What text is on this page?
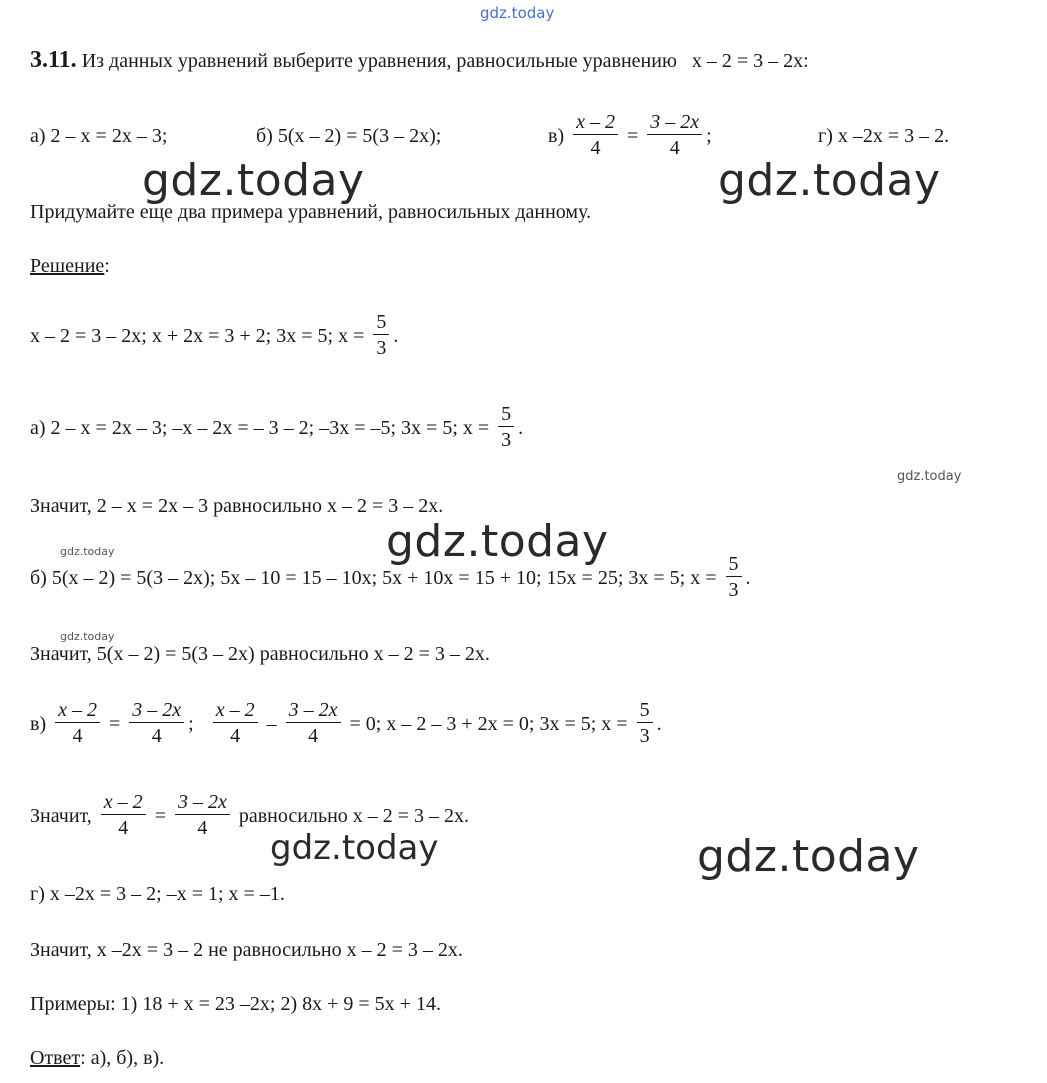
gdz.today
gdz.today	gdz.today
gdz.today
gdz.today
gdz.today
gdz.today
gdz.today	gdz.today
3.11. Из данных уравнений выберите уравнения, равносильные уравнению x – 2 = 3 – 2x:
а) 2 – x = 2x – 3;	б) 5(x – 2) = 5(3 – 2x);	$в) \frac{x - 2}{4} = \frac{3 - 2x}{4}$ ;	г) x –2x = 3 – 2.
Придумайте еще два примера уравнений, равносильных данному.
Решение:
x – 2 = 3 – 2x; x + 2x = 3 + 2; 3x = 5; $x = \frac{5}{3}$ .
а) 2 – x = 2x – 3; –x – 2x = – 3 – 2; –3x = –5; 3x = 5; $x = \frac{5}{3}$ .
Значит, 2 – x = 2x – 3 равносильно x – 2 = 3 – 2x.
б) 5(x – 2) = 5(3 – 2x); 5x – 10 = 15 – 10x; 5x + 10x = 15 + 10; 15x = 25; 3x = 5; $x = \frac{5}{3}$ .
Значит, 5(x – 2) = 5(3 – 2x) равносильно x – 2 = 3 – 2x.
$в) \frac{x - 2}{4} = \frac{3 - 2x}{4}$ ; $\frac{x - 2}{4} - \frac{3 - 2x}{4} = 0$; x – 2 – 3 + 2x = 0; 3x = 5; $x = \frac{5}{3}$ .
Значит, $\frac{x - 2}{4} = \frac{3 - 2x}{4}$ равносильно x – 2 = 3 – 2x.
г) x –2x = 3 – 2; –x = 1; x = –1.
Значит, x –2x = 3 – 2 не равносильно x – 2 = 3 – 2x.
Примеры: 1) 18 + x = 23 –2x; 2) 8x + 9 = 5x + 14.
Ответ: а), б), в).
